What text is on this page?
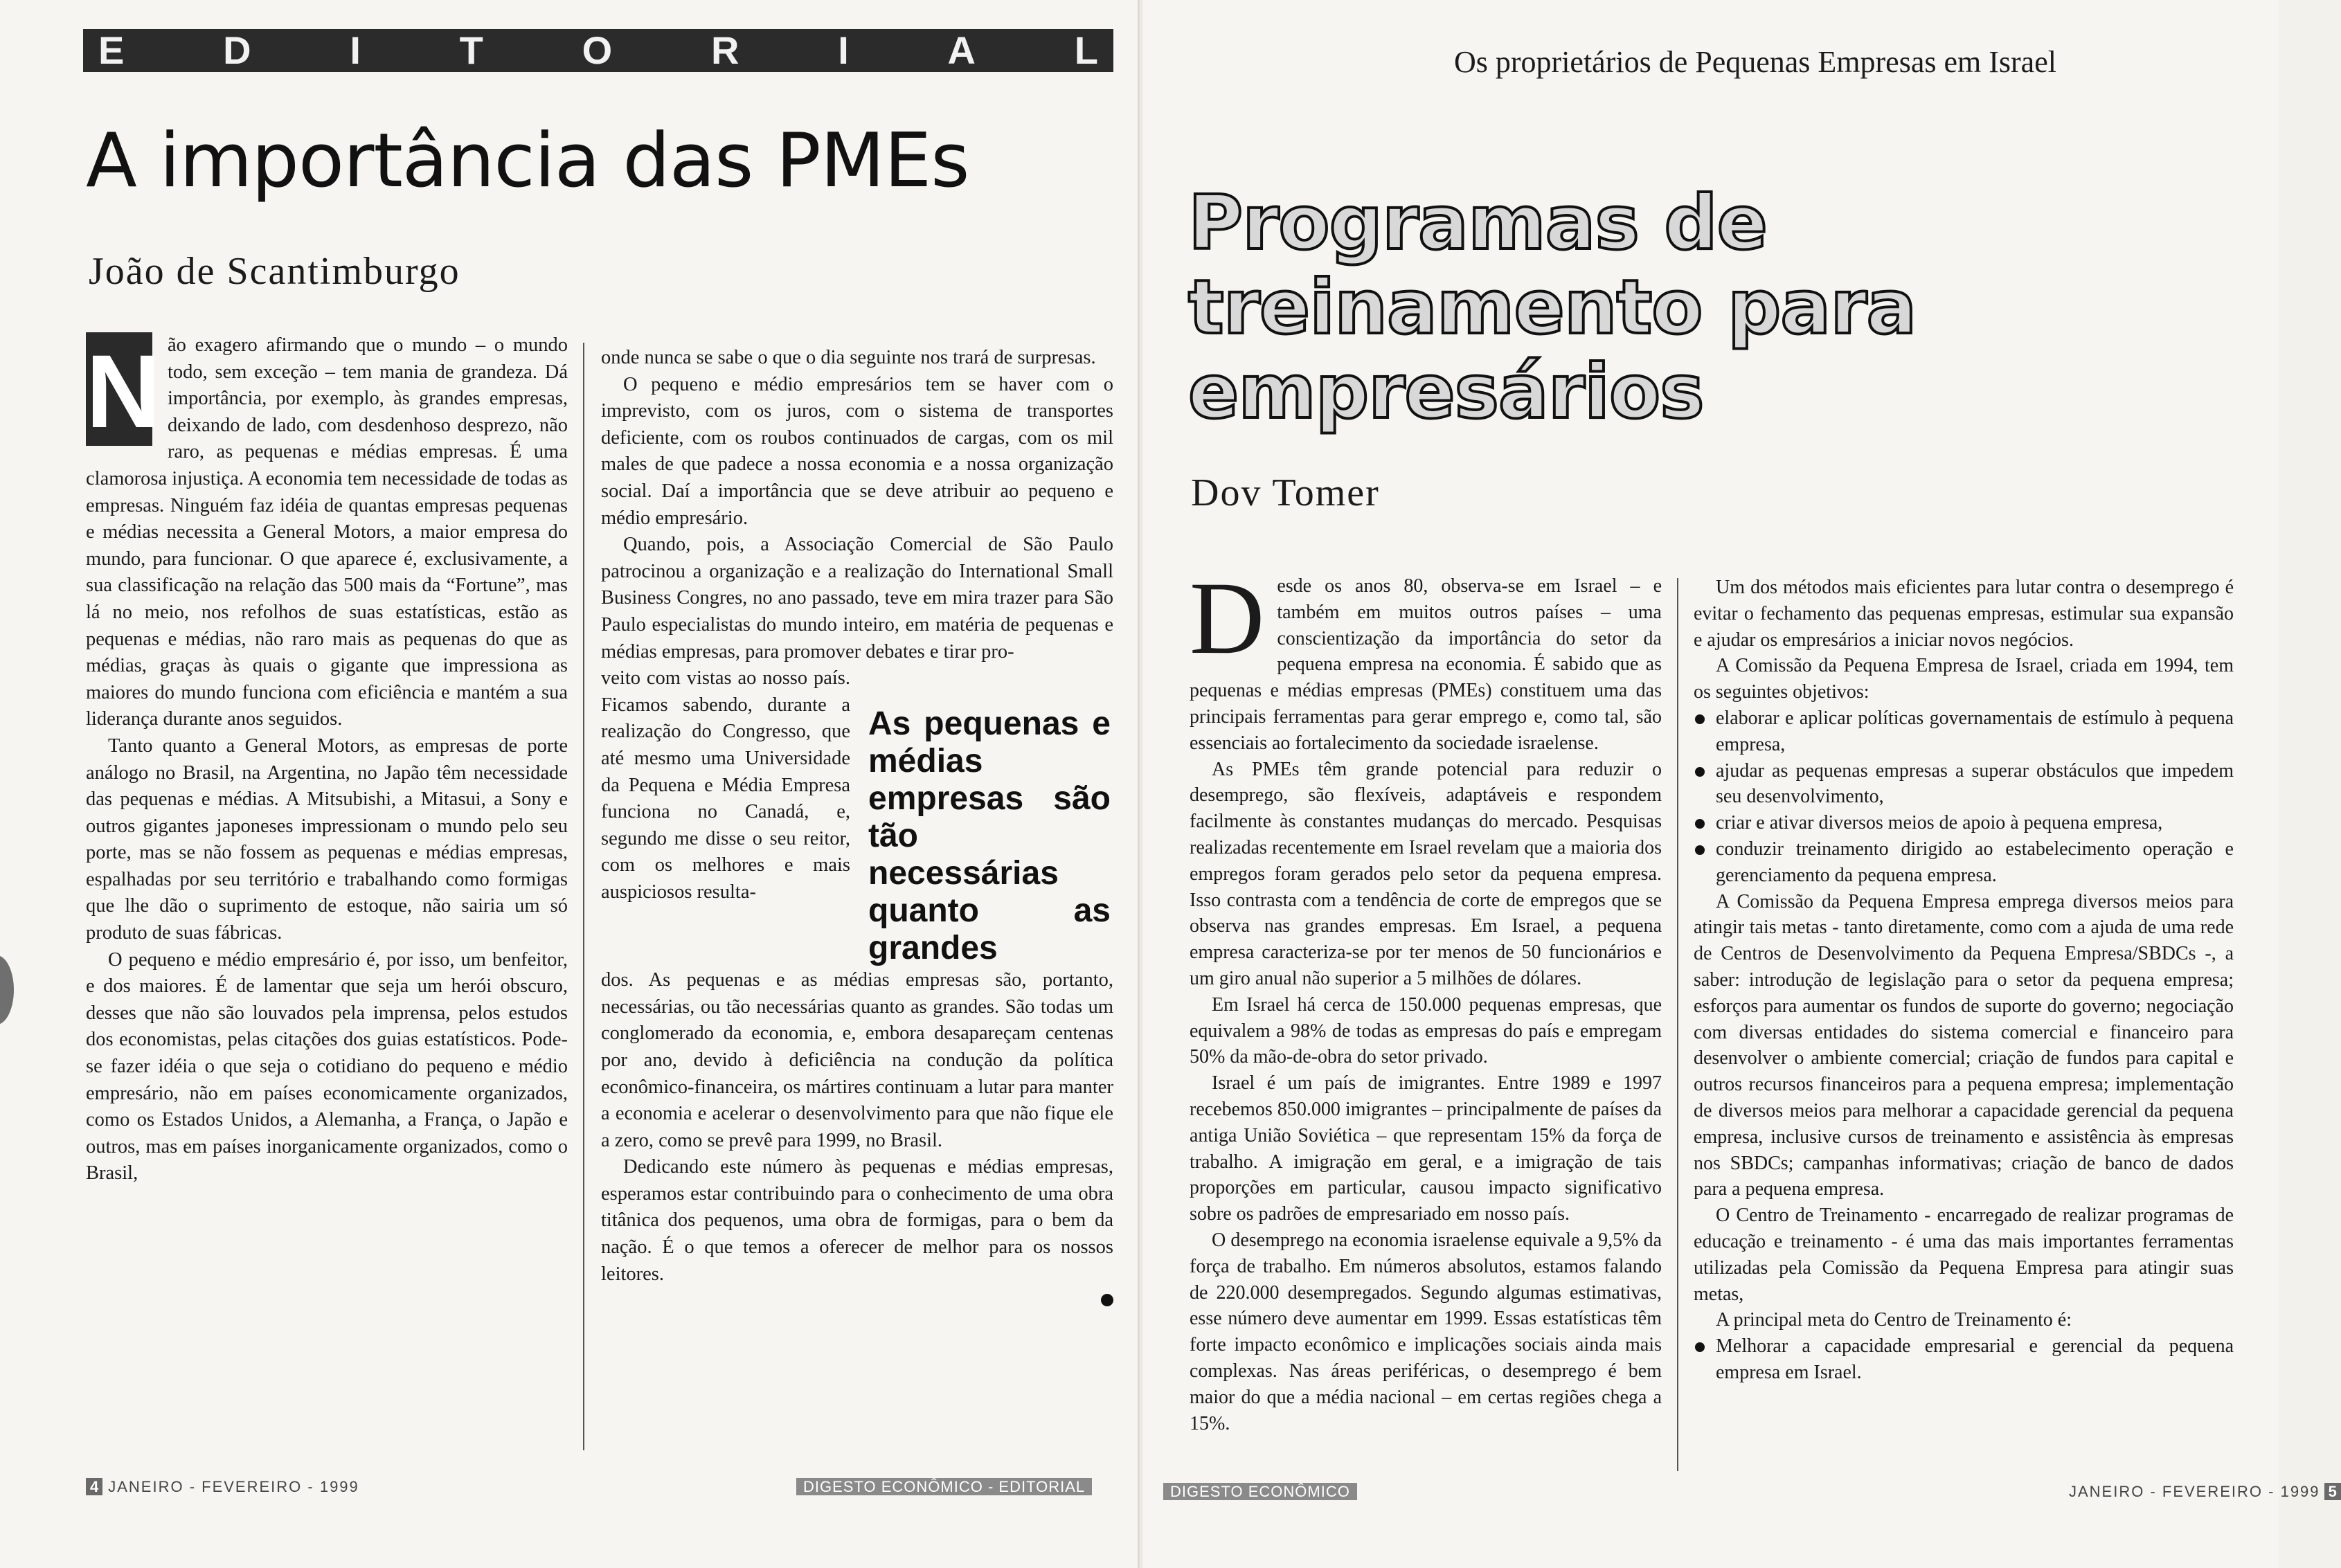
E	D	I	T	O	R	I	A	L
A importância das PMEs
João de Scantimburgo
N ão exagero afirmando que o mundo – o mundo todo, sem exceção – tem mania de grandeza. Dá importância, por exemplo, às grandes empresas, deixando de lado, com desdenhoso desprezo, não raro, as pequenas e médias empresas. É uma clamorosa injustiça. A economia tem necessidade de todas as empresas. Ninguém faz idéia de quantas empresas pequenas e médias necessita a General Motors, a maior empresa do mundo, para funcionar. O que aparece é, exclusivamente, a sua classificação na relação das 500 mais da “Fortune”, mas lá no meio, nos refolhos de suas estatísticas, estão as pequenas e médias, não raro mais as pequenas do que as médias, graças às quais o gigante que impressiona as maiores do mundo funciona com eficiência e mantém a sua liderança durante anos seguidos.

Tanto quanto a General Motors, as empresas de porte análogo no Brasil, na Argentina, no Japão têm necessidade das pequenas e médias. A Mitsubishi, a Mitasui, a Sony e outros gigantes japoneses impressionam o mundo pelo seu porte, mas se não fossem as pequenas e médias empresas, espalhadas por seu território e trabalhando como formigas que lhe dão o suprimento de estoque, não sairia um só produto de suas fábricas.

O pequeno e médio empresário é, por isso, um benfeitor, e dos maiores. É de lamentar que seja um herói obscuro, desses que não são louvados pela imprensa, pelos estudos dos economistas, pelas citações dos guias estatísticos. Pode-se fazer idéia o que seja o cotidiano do pequeno e médio empresário, não em países economicamente organizados, como os Estados Unidos, a Alemanha, a França, o Japão e outros, mas em países inorganicamente organizados, como o Brasil,

onde nunca se sabe o que o dia seguinte nos trará de surpresas.

O pequeno e médio empresários tem se haver com o imprevisto, com os juros, com o sistema de transportes deficiente, com os roubos continuados de cargas, com os mil males de que padece a nossa economia e a nossa organização social. Daí a importância que se deve atribuir ao pequeno e médio empresário.

Quando, pois, a Associação Comercial de São Paulo patrocinou a organização e a realização do International Small Business Congres, no ano passado, teve em mira trazer para São Paulo especialistas do mundo inteiro, em matéria de pequenas e médias empresas, para promover debates e tirar pro-

veito com vistas ao nosso país. Ficamos sabendo, durante a realização do Congresso, que até mesmo uma Universidade da Pequena e Média Empresa funciona no Canadá, e, segundo me disse o seu reitor, com os melhores e mais auspiciosos resulta-

As pequenas e médias empresas são tão necessárias quanto as grandes

dos. As pequenas e as médias empresas são, portanto, necessárias, ou tão necessárias quanto as grandes. São todas um conglomerado da economia, e, embora desapareçam centenas por ano, devido à deficiência na condução da política econômico-financeira, os mártires continuam a lutar para manter a economia e acelerar o desenvolvimento para que não fique ele a zero, como se prevê para 1999, no Brasil.

Dedicando este número às pequenas e médias empresas, esperamos estar contribuindo para o conhecimento de uma obra titânica dos pequenos, uma obra de formigas, para o bem da nação. É o que temos a oferecer de melhor para os nossos leitores.

4 JANEIRO - FEVEREIRO - 1999	DIGESTO ECONÔMICO - EDITORIAL
Os proprietários de Pequenas Empresas em Israel
Programas de
treinamento para
empresários
Dov Tomer
D esde os anos 80, observa-se em Israel – e também em muitos outros países – uma conscientização da importância do setor da pequena empresa na economia. É sabido que as pequenas e médias empresas (PMEs) constituem uma das principais ferramentas para gerar emprego e, como tal, são essenciais ao fortalecimento da sociedade israelense.

As PMEs têm grande potencial para reduzir o desemprego, são flexíveis, adaptáveis e respondem facilmente às constantes mudanças do mercado. Pesquisas realizadas recentemente em Israel revelam que a maioria dos empregos foram gerados pelo setor da pequena empresa. Isso contrasta com a tendência de corte de empregos que se observa nas grandes empresas. Em Israel, a pequena empresa caracteriza-se por ter menos de 50 funcionários e um giro anual não superior a 5 milhões de dólares.

Em Israel há cerca de 150.000 pequenas empresas, que equivalem a 98% de todas as empresas do país e empregam 50% da mão-de-obra do setor privado.

Israel é um país de imigrantes. Entre 1989 e 1997 recebemos 850.000 imigrantes – principalmente de países da antiga União Soviética – que representam 15% da força de trabalho. A imigração em geral, e a imigração de tais proporções em particular, causou impacto significativo sobre os padrões de empresariado em nosso país.

O desemprego na economia israelense equivale a 9,5% da força de trabalho. Em números absolutos, estamos falando de 220.000 desempregados. Segundo algumas estimativas, esse número deve aumentar em 1999. Essas estatísticas têm forte impacto econômico e implicações sociais ainda mais complexas. Nas áreas periféricas, o desemprego é bem maior do que a média nacional – em certas regiões chega a 15%.

Um dos métodos mais eficientes para lutar contra o desemprego é evitar o fechamento das pequenas empresas, estimular sua expansão e ajudar os empresários a iniciar novos negócios.

A Comissão da Pequena Empresa de Israel, criada em 1994, tem os seguintes objetivos:

elaborar e aplicar políticas governamentais de estímulo à pequena empresa,
ajudar as pequenas empresas a superar obstáculos que impedem seu desenvolvimento,
criar e ativar diversos meios de apoio à pequena empresa,
conduzir treinamento dirigido ao estabelecimento operação e gerenciamento da pequena empresa.

A Comissão da Pequena Empresa emprega diversos meios para atingir tais metas - tanto diretamente, como com a ajuda de uma rede de Centros de Desenvolvimento da Pequena Empresa/SBDCs -, a saber: introdução de legislação para o setor da pequena empresa; esforços para aumentar os fundos de suporte do governo; negociação com diversas entidades do sistema comercial e financeiro para desenvolver o ambiente comercial; criação de fundos para capital e outros recursos financeiros para a pequena empresa; implementação de diversos meios para melhorar a capacidade gerencial da pequena empresa, inclusive cursos de treinamento e assistência às empresas nos SBDCs; campanhas informativas; criação de banco de dados para a pequena empresa.

O Centro de Treinamento - encarregado de realizar programas de educação e treinamento - é uma das mais importantes ferramentas utilizadas pela Comissão da Pequena Empresa para atingir suas metas,

A principal meta do Centro de Treinamento é:

Melhorar a capacidade empresarial e gerencial da pequena empresa em Israel.
DIGESTO ECONÔMICO	JANEIRO - FEVEREIRO - 1999 5
